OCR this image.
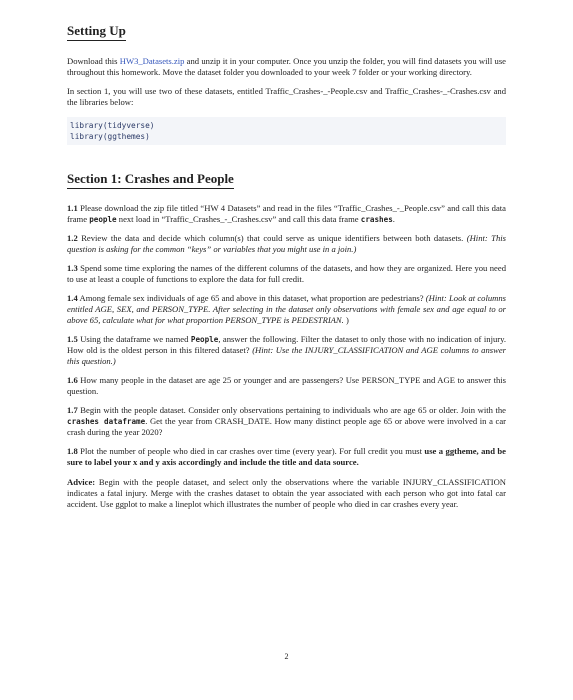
Setting Up

Download this HW3_Datasets.zip and unzip it in your computer. Once you unzip the folder, you will find datasets you will use throughout this homework. Move the dataset folder you downloaded to your week 7 folder or your working directory.

In section 1, you will use two of these datasets, entitled Traffic_Crashes-_-People.csv and Traffic_Crashes-_-Crashes.csv and the libraries below:

library(tidyverse)
library(ggthemes)
Section 1: Crashes and People

1.1 Please download the zip file titled “HW 4 Datasets” and read in the files “Traffic_Crashes_-_People.csv” and call this data frame people next load in “Traffic_Crashes_-_Crashes.csv” and call this data frame crashes.

1.2 Review the data and decide which column(s) that could serve as unique identifiers between both datasets. (Hint: This question is asking for the common “keys” or variables that you might use in a join.)

1.3 Spend some time exploring the names of the different columns of the datasets, and how they are organized. Here you need to use at least a couple of functions to explore the data for full credit.

1.4 Among female sex individuals of age 65 and above in this dataset, what proportion are pedestrians? (Hint: Look at columns entitled AGE, SEX, and PERSON_TYPE. After selecting in the dataset only observations with female sex and age equal to or above 65, calculate what for what proportion PERSON_TYPE is PEDESTRIAN. )

1.5 Using the dataframe we named People, answer the following. Filter the dataset to only those with no indication of injury. How old is the oldest person in this filtered dataset? (Hint: Use the INJURY_CLASSIFICATION and AGE columns to answer this question.)

1.6 How many people in the dataset are age 25 or younger and are passengers? Use PERSON_TYPE and AGE to answer this question.

1.7 Begin with the people dataset. Consider only observations pertaining to individuals who are age 65 or older. Join with the crashes dataframe. Get the year from CRASH_DATE. How many distinct people age 65 or above were involved in a car crash during the year 2020?

1.8 Plot the number of people who died in car crashes over time (every year). For full credit you must use a ggtheme, and be sure to label your x and y axis accordingly and include the title and data source.

Advice: Begin with the people dataset, and select only the observations where the variable INJURY_CLASSIFICATION indicates a fatal injury. Merge with the crashes dataset to obtain the year associated with each person who got into fatal car accident. Use ggplot to make a lineplot which illustrates the number of people who died in car crashes every year.

2
